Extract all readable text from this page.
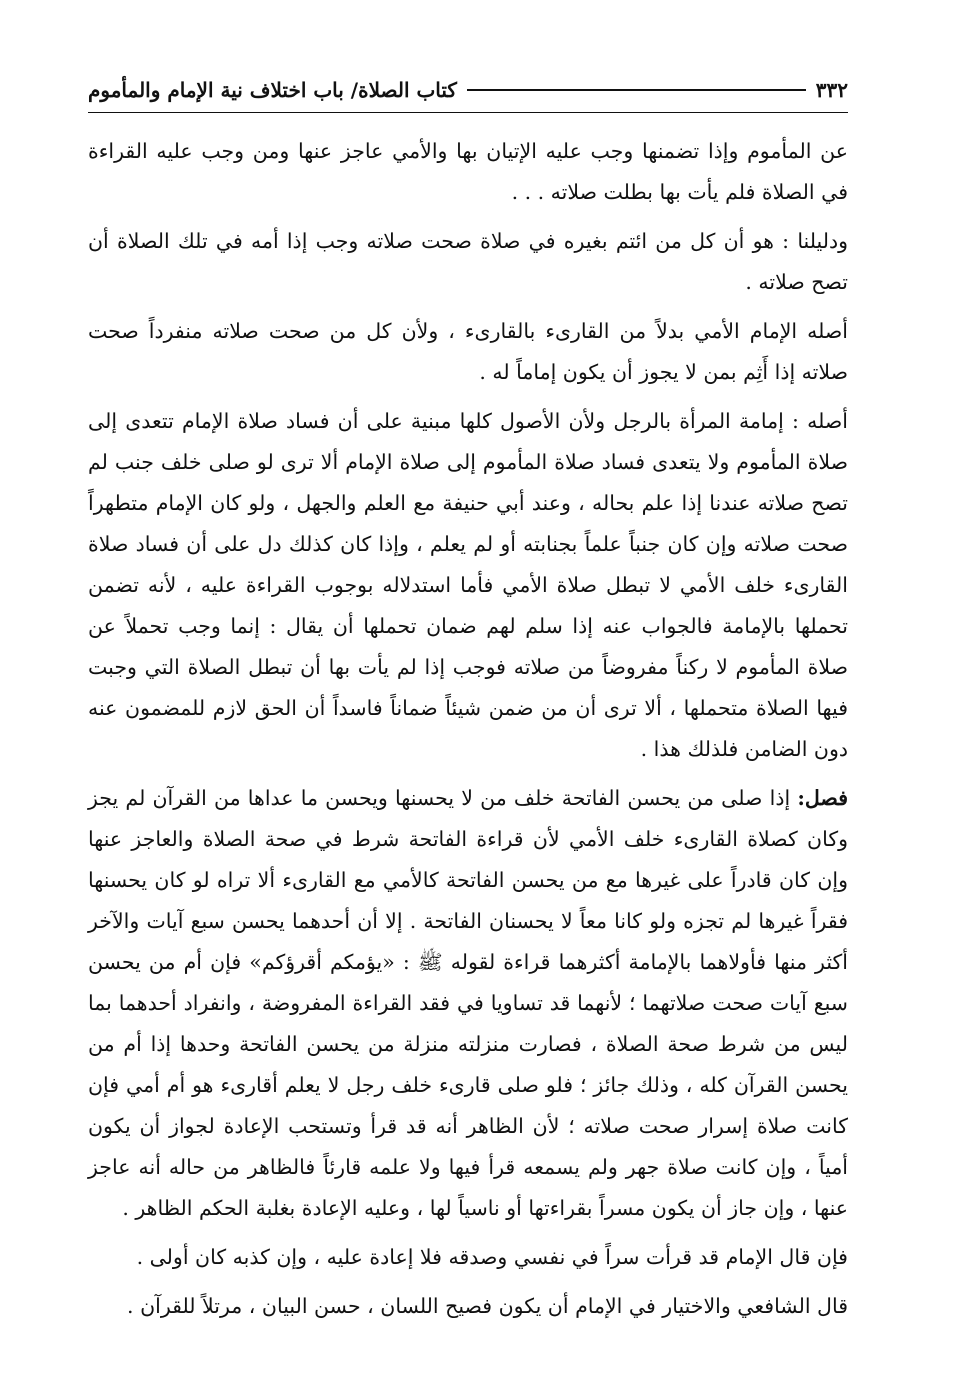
٣٣٢
كتاب الصلاة/ باب اختلاف نية الإمام والمأموم

عن المأموم وإذا تضمنها وجب عليه الإتيان بها والأمي عاجز عنها ومن وجب عليه القراءة في الصلاة فلم يأت بها بطلت صلاته . . .

ودليلنا : هو أن كل من ائتم بغيره في صلاة صحت صلاته وجب إذا أمه في تلك الصلاة أن تصح صلاته .

أصله الإمام الأمي بدلاً من القارىء بالقارىء ، ولأن كل من صحت صلاته منفرداً صحت صلاته إذا أَثِم بمن لا يجوز أن يكون إماماً له .

أصله : إمامة المرأة بالرجل ولأن الأصول كلها مبنية على أن فساد صلاة الإمام تتعدى إلى صلاة المأموم ولا يتعدى فساد صلاة المأموم إلى صلاة الإمام ألا ترى لو صلى خلف جنب لم تصح صلاته عندنا إذا علم بحاله ، وعند أبي حنيفة مع العلم والجهل ، ولو كان الإمام متطهراً صحت صلاته وإن كان جنباً علماً بجنابته أو لم يعلم ، وإذا كان كذلك دل على أن فساد صلاة القارىء خلف الأمي لا تبطل صلاة الأمي فأما استدلاله بوجوب القراءة عليه ، لأنه تضمن تحملها بالإمامة فالجواب عنه إذا سلم لهم ضمان تحملها أن يقال : إنما وجب تحملاً عن صلاة المأموم لا ركناً مفروضاً من صلاته فوجب إذا لم يأت بها أن تبطل الصلاة التي وجبت فيها الصلاة متحملها ، ألا ترى أن من ضمن شيئاً ضماناً فاسداً أن الحق لازم للمضمون عنه دون الضامن فلذلك هذا .

فصل: إذا صلى من يحسن الفاتحة خلف من لا يحسنها ويحسن ما عداها من القرآن لم يجز وكان كصلاة القارىء خلف الأمي لأن قراءة الفاتحة شرط في صحة الصلاة والعاجز عنها وإن كان قادراً على غيرها مع من يحسن الفاتحة كالأمي مع القارىء ألا تراه لو كان يحسنها فقراً غيرها لم تجزه ولو كانا معاً لا يحسنان الفاتحة . إلا أن أحدهما يحسن سبع آيات والآخر أكثر منها فأولاهما بالإمامة أكثرهما قراءة لقوله ﷺ : «يؤمكم أقرؤكم» فإن أم من يحسن سبع آيات صحت صلاتهما ؛ لأنهما قد تساويا في فقد القراءة المفروضة ، وانفراد أحدهما بما ليس من شرط صحة الصلاة ، فصارت منزلته منزلة من يحسن الفاتحة وحدها إذا أم من يحسن القرآن كله ، وذلك جائز ؛ فلو صلى قارىء خلف رجل لا يعلم أقارىء هو أم أمي فإن كانت صلاة إسرار صحت صلاته ؛ لأن الظاهر أنه قد قرأ وتستحب الإعادة لجواز أن يكون أمياً ، وإن كانت صلاة جهر ولم يسمعه قرأ فيها ولا علمه قارئاً فالظاهر من حاله أنه عاجز عنها ، وإن جاز أن يكون مسراً بقراءتها أو ناسياً لها ، وعليه الإعادة بغلبة الحكم الظاهر .

فإن قال الإمام قد قرأت سراً في نفسي وصدقه فلا إعادة عليه ، وإن كذبه كان أولى .

قال الشافعي والاختيار في الإمام أن يكون فصيح اللسان ، حسن البيان ، مرتلاً للقرآن .
